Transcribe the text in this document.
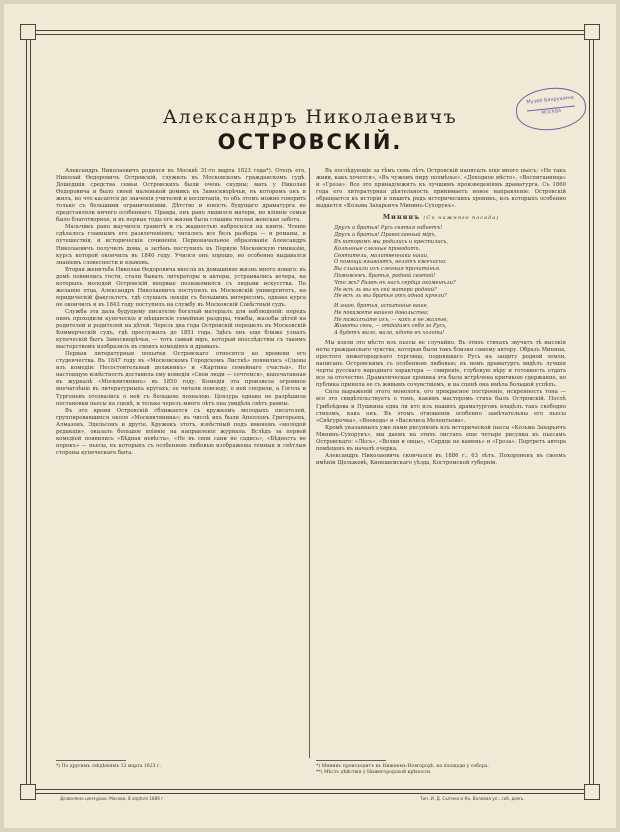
Музей Бахрушина
МОСКВА
Александръ Николаевичъ
ОСТРОВСКІЙ.

Александръ Николаевичъ родился въ Москвѣ 31-го марта 1823 года*). Отецъ его, Николай Ѳедоровичъ Островскій, служилъ въ Московскомъ гражданскомъ судѣ. Дошедшія средства семьи Островскихъ были очень скудны; мать у Николая Ѳедоровича и было своей маленькой домикъ въ Замоскворѣчьи, въ которомъ онъ и жилъ, но что касается до значенія учителей и воспитанія, то объ этомъ можно говорить только съ большими ограниченіями. Дѣтство и юность будущаго драматурга не представляли ничего особеннаго. Правда, онъ рано лишился матери, но вліяніе семьи было благотворное, и въ первые годы его жизни была слышна теплая женская забота.

Мальчикъ рано выучился грамотѣ и съ жадностью набросился на книги. Чтеніе сдѣлалось главнымъ его развлеченіемъ; читалось все безъ разбора — и романы, и путешествія, и историческія сочиненія. Первоначальное образованіе Александръ Николаевичъ получилъ дома, а затѣмъ поступилъ въ Первую Московскую гимназію, курсъ которой окончилъ въ 1840 году. Учился онъ хорошо, но особенно выдавался знаніемъ словесности и языковъ.

Вторая женитьба Николая Ѳедоровича внесла въ домашнюю жизнь много новаго: въ домѣ появились гости, стали бывать литераторы и актеры, устраивались вечера, на которыхъ молодой Островскій впервые познакомился съ людьми искусства. По желанію отца, Александръ Николаевичъ поступилъ въ Московскій университетъ, на юридическій факультетъ, гдѣ слушалъ лекціи съ большимъ интересомъ, однако курса не окончилъ и въ 1843 году поступилъ на службу въ Московскій Совѣстный судъ.

Служба эта дала будущему писателю богатый матеріалъ для наблюденій: передъ нимъ проходили купеческіе и мѣщанскіе семейные раздоры, тяжбы, жалобы дѣтей на родителей и родителей на дѣтей. Черезъ два года Островскій перешелъ въ Московскій Коммерческій судъ, гдѣ прослужилъ до 1851 года. Здѣсь онъ еще ближе узналъ купеческій бытъ Замоскворѣчья, — тотъ самый міръ, который впослѣдствіи съ такимъ мастерствомъ изобразилъ въ своихъ комедіяхъ и драмахъ.

Первыя литературныя попытки Островскаго относятся ко времени его студенчества. Въ 1847 году въ «Московскомъ Городскомъ Листкѣ» появились «Сцены изъ комедіи: Несостоятельный должникъ» и «Картина семейнаго счастья». Но настоящую извѣстность доставила ему комедія «Свои люди — сочтемся», напечатанная въ журналѣ «Москвитянинъ» въ 1850 году. Комедія эта произвела огромное впечатлѣніе въ литературныхъ кругахъ; ее читали повсюду, о ней спорили, а Гоголь и Тургеневъ отозвались о ней съ большою похвалою. Цензура однако не разрѣшила постановки пьесы на сценѣ, и только черезъ много лѣтъ она увидѣла свѣтъ рампы.

Въ это время Островскій сближается съ кружкомъ молодыхъ писателей, группировавшихся около «Москвитянина»; въ числѣ ихъ были Аполлонъ Григорьевъ, Алмазовъ, Эдельсонъ и другіе. Кружокъ этотъ, извѣстный подъ именемъ «молодой редакціи», оказалъ большое вліяніе на направленіе журнала. Вслѣдъ за первой комедіей появились «Бѣдная невѣста», «Не въ свои сани не садись», «Бѣдность не порокъ» — пьесы, въ которыхъ съ особенною любовью изображены темныя и свѣтлыя стороны купеческаго быта.

Въ послѣдующіе за тѣмъ семь лѣтъ Островскій написалъ еще много пьесъ: «Не такъ живи, какъ хочется», «Въ чужомъ пиру похмѣлье», «Доходное мѣсто», «Воспитанница» и «Гроза». Все это принадлежитъ къ лучшимъ произведеніямъ драматурга. Съ 1860 года его литературная дѣятельность принимаетъ новое направленіе: Островскій обращается къ исторіи и пишетъ рядъ историческихъ хроникъ, изъ которыхъ особенно выдается «Козьма Захарьичъ Мининъ-Сухорукъ».

Мининъ (Съ нижняго посада)
Другъ и братья! Русь святая гибнетъ!
Другъ и братья! Православный міръ,
Въ которомъ мы родились и крестились,
Колѣнные слезные проводитъ.
Святители, молитвенники наши,
О помощи взываютъ, велятъ ежечасно:
Вы слышали ихъ слезныя причитанья.
Поможемъ, братья, родной святой!
Что жъ? Развѣ въ насъ сердца окаменѣли?
Не всѣ ль мы въ сей матери родной?
Не всѣ ль мы братья отъ одной купели?
И знаю, братья, испытанье ваше,
Не покажете вашего довольства;
Не пожалѣйте ихъ, — какъ я не жалѣю,
Животы свои, — отдадимъ себя за Русь,
А будетъ мало, мало, идите въ холопы!

Мы взяли это мѣсто изъ пьесы не случайно. Въ этихъ стихахъ звучатъ тѣ высокія ноты гражданскаго чувства, которыя были такъ близки самому автору. Образъ Минина, простого нижегородскаго торговца, поднявшаго Русь на защиту родной земли, написанъ Островскимъ съ особенною любовью; въ немъ драматургъ видѣлъ лучшія черты русскаго народнаго характера — смиреніе, глубокую вѣру и готовность отдать все за отечество. Драматическая хроника эта была встрѣчена критикою сдержанно, но публика приняла ее съ живымъ сочувствіемъ, и на сценѣ она имѣла большой успѣхъ.

Сила выраженій этого монолога, его прекрасное построеніе, искренность тона — все это свидѣтельствуетъ о томъ, какимъ мастеромъ стиха былъ Островскій. Послѣ Грибоѣдова и Пушкина едва ли кто изъ нашихъ драматурговъ владѣлъ такъ свободно стихомъ, какъ онъ. Въ этомъ отношеніи особенно замѣчательны его пьесы «Снѣгурочка», «Воевода» и «Василиса Мелентьева».

Кромѣ указанныхъ уже нами рисунковъ изъ исторической пьесы «Козьма Захарьичъ Мининъ-Сухорукъ», мы даемъ на этихъ листахъ еще четыре рисунка къ пьесамъ Островскаго: «Лѣсъ», «Волки и овцы», «Сердце не камень» и «Гроза». Портретъ автора помѣщенъ въ началѣ очерка.

Александръ Николаевичъ скончался въ 1886 г., 63 лѣтъ. Похороненъ въ своемъ имѣніи Щелыковѣ, Кинешемскаго уѣзда, Костромской губерніи.

*) По другимъ свѣдѣніямъ 12 марта 1823 г.	*) Мининъ происходитъ въ Нижнемъ-Новгородѣ, на площади у собора.
**) Мѣсто дѣйствія у Нижегородской крѣпости.
Дозволено цензурою. Москва, 8 апрѣля 1886 г.	Тип. И. Д. Сытина и Ко, Валовая ул., соб. домъ.
